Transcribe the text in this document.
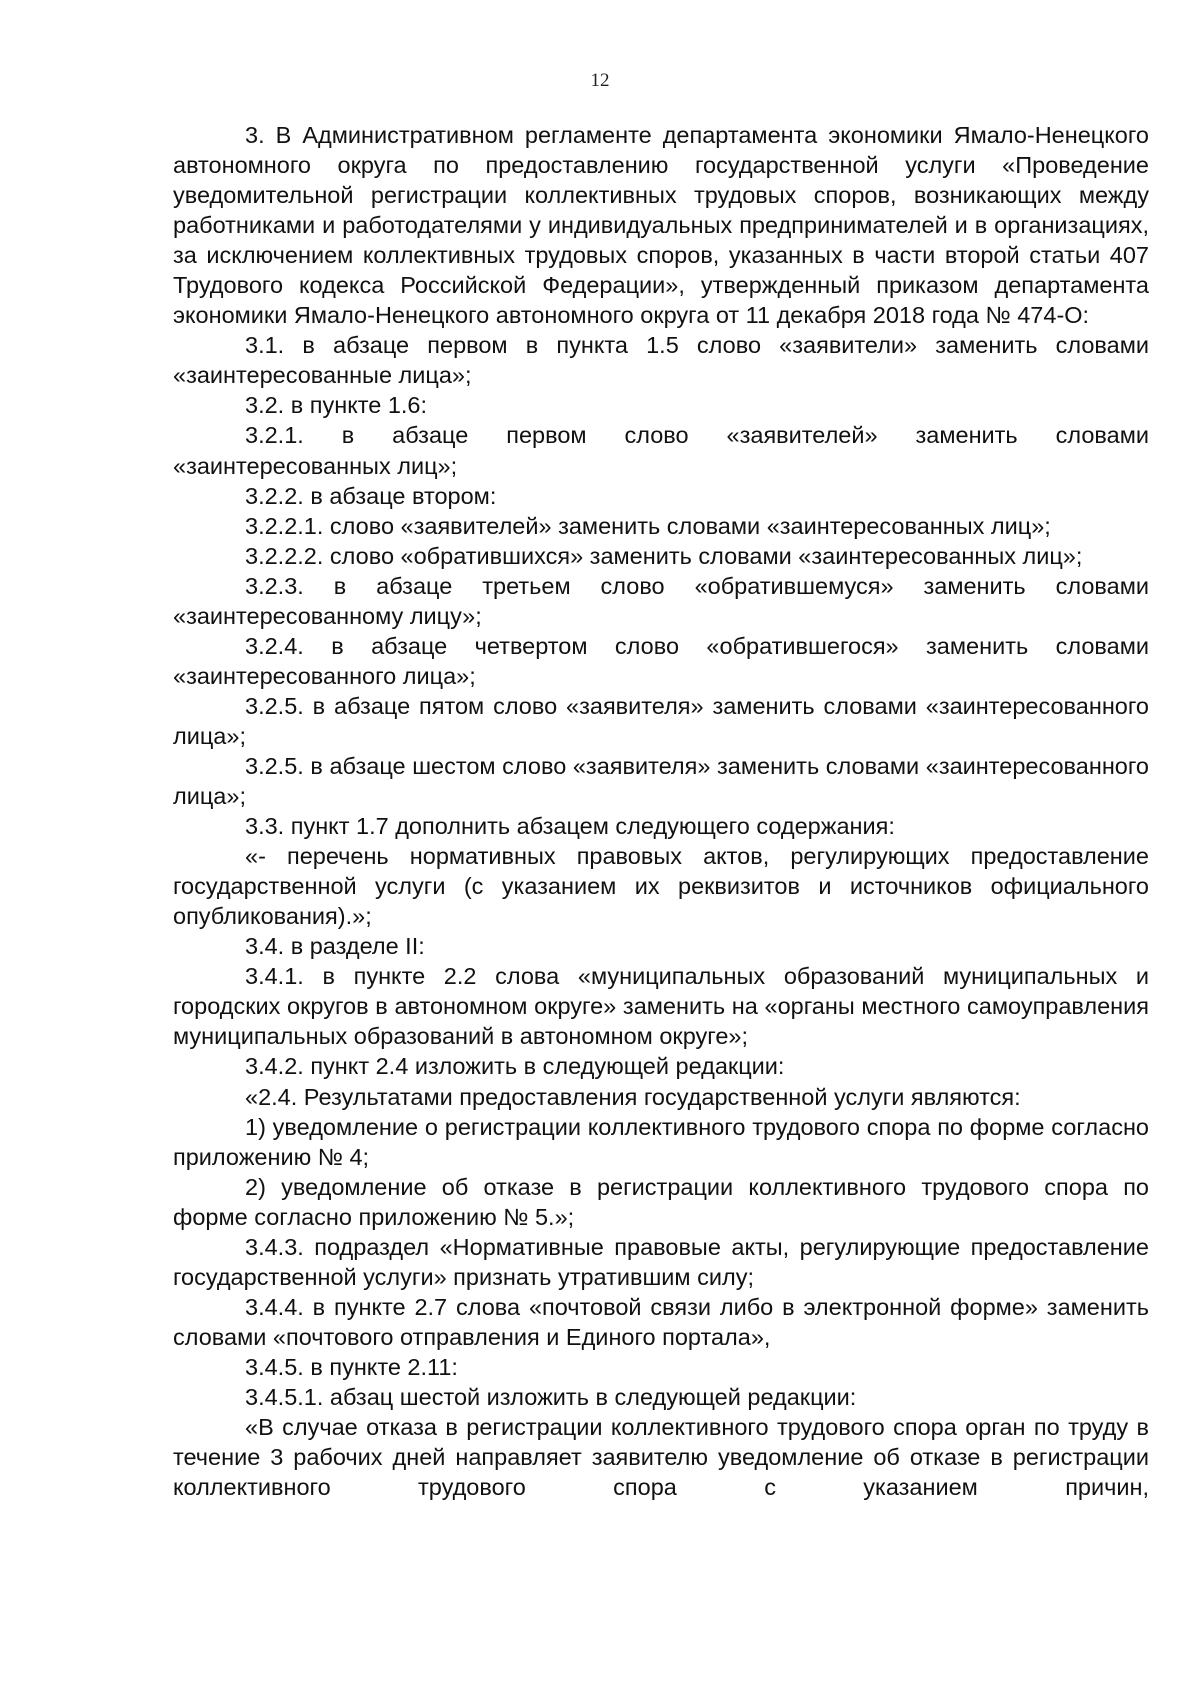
12

3. В Административном регламенте департамента экономики Ямало-Ненецкого автономного округа по предоставлению государственной услуги «Проведение уведомительной регистрации коллективных трудовых споров, возникающих между работниками и работодателями у индивидуальных предпринимателей и в организациях, за исключением коллективных трудовых споров, указанных в части второй статьи 407 Трудового кодекса Российской Федерации», утвержденный приказом департамента экономики Ямало-Ненецкого автономного округа от 11 декабря 2018 года № 474-О:

3.1. в абзаце первом в пункта 1.5 слово «заявители» заменить словами «заинтересованные лица»;

3.2. в пункте 1.6:

3.2.1. в абзаце первом слово «заявителей» заменить словами «заинтересованных лиц»;

3.2.2. в абзаце втором:

3.2.2.1. слово «заявителей» заменить словами «заинтересованных лиц»;

3.2.2.2. слово «обратившихся» заменить словами «заинтересованных лиц»;

3.2.3. в абзаце третьем слово «обратившемуся» заменить словами «заинтересованному лицу»;

3.2.4. в абзаце четвертом слово «обратившегося» заменить словами «заинтересованного лица»;

3.2.5. в абзаце пятом слово «заявителя» заменить словами «заинтересованного лица»;

3.2.5. в абзаце шестом слово «заявителя» заменить словами «заинтересованного лица»;

3.3. пункт 1.7 дополнить абзацем следующего содержания:

«- перечень нормативных правовых актов, регулирующих предоставление государственной услуги (с указанием их реквизитов и источников официального опубликования).»;

3.4. в разделе II:

3.4.1. в пункте 2.2 слова «муниципальных образований муниципальных и городских округов в автономном округе» заменить на «органы местного самоуправления муниципальных образований в автономном округе»;

3.4.2. пункт 2.4 изложить в следующей редакции:

«2.4. Результатами предоставления государственной услуги являются:

1) уведомление о регистрации коллективного трудового спора по форме согласно приложению № 4;

2) уведомление об отказе в регистрации коллективного трудового спора по форме согласно приложению № 5.»;

3.4.3. подраздел «Нормативные правовые акты, регулирующие предоставление государственной услуги» признать утратившим силу;

3.4.4. в пункте 2.7 слова «почтовой связи либо в электронной форме» заменить словами «почтового отправления и Единого портала»,

3.4.5. в пункте 2.11:

3.4.5.1. абзац шестой изложить в следующей редакции:

«В случае отказа в регистрации коллективного трудового спора орган по труду в течение 3 рабочих дней направляет заявителю уведомление об отказе в регистрации коллективного трудового спора с указанием причин,
